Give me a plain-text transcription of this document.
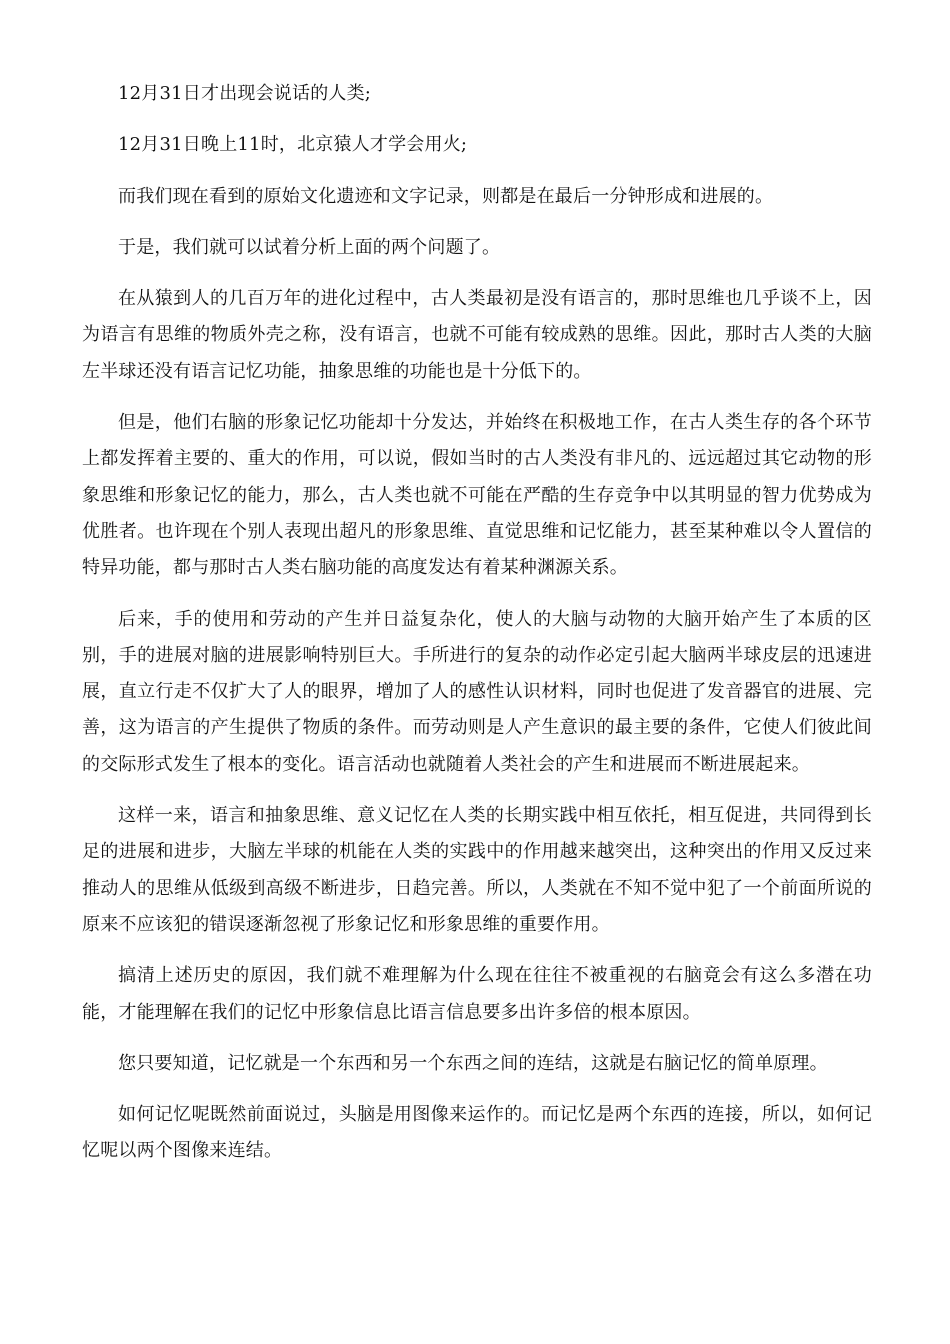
12月31日才出现会说话的人类;

12月31日晚上11时，北京猿人才学会用火;

而我们现在看到的原始文化遗迹和文字记录，则都是在最后一分钟形成和进展的。

于是，我们就可以试着分析上面的两个问题了。

在从猿到人的几百万年的进化过程中，古人类最初是没有语言的，那时思维也几乎谈不上，因为语言有思维的物质外壳之称，没有语言，也就不可能有较成熟的思维。因此，那时古人类的大脑左半球还没有语言记忆功能，抽象思维的功能也是十分低下的。

但是，他们右脑的形象记忆功能却十分发达，并始终在积极地工作，在古人类生存的各个环节上都发挥着主要的、重大的作用，可以说，假如当时的古人类没有非凡的、远远超过其它动物的形象思维和形象记忆的能力，那么，古人类也就不可能在严酷的生存竞争中以其明显的智力优势成为优胜者。也许现在个别人表现出超凡的形象思维、直觉思维和记忆能力，甚至某种难以令人置信的特异功能，都与那时古人类右脑功能的高度发达有着某种渊源关系。

后来，手的使用和劳动的产生并日益复杂化，使人的大脑与动物的大脑开始产生了本质的区别，手的进展对脑的进展影响特别巨大。手所进行的复杂的动作必定引起大脑两半球皮层的迅速进展，直立行走不仅扩大了人的眼界，增加了人的感性认识材料，同时也促进了发音器官的进展、完善，这为语言的产生提供了物质的条件。而劳动则是人产生意识的最主要的条件，它使人们彼此间的交际形式发生了根本的变化。语言活动也就随着人类社会的产生和进展而不断进展起来。

这样一来，语言和抽象思维、意义记忆在人类的长期实践中相互依托，相互促进，共同得到长足的进展和进步，大脑左半球的机能在人类的实践中的作用越来越突出，这种突出的作用又反过来推动人的思维从低级到高级不断进步，日趋完善。所以，人类就在不知不觉中犯了一个前面所说的原来不应该犯的错误逐渐忽视了形象记忆和形象思维的重要作用。

搞清上述历史的原因，我们就不难理解为什么现在往往不被重视的右脑竟会有这么多潜在功能，才能理解在我们的记忆中形象信息比语言信息要多出许多倍的根本原因。

您只要知道，记忆就是一个东西和另一个东西之间的连结，这就是右脑记忆的简单原理。

如何记忆呢既然前面说过，头脑是用图像来运作的。而记忆是两个东西的连接，所以，如何记忆呢以两个图像来连结。
